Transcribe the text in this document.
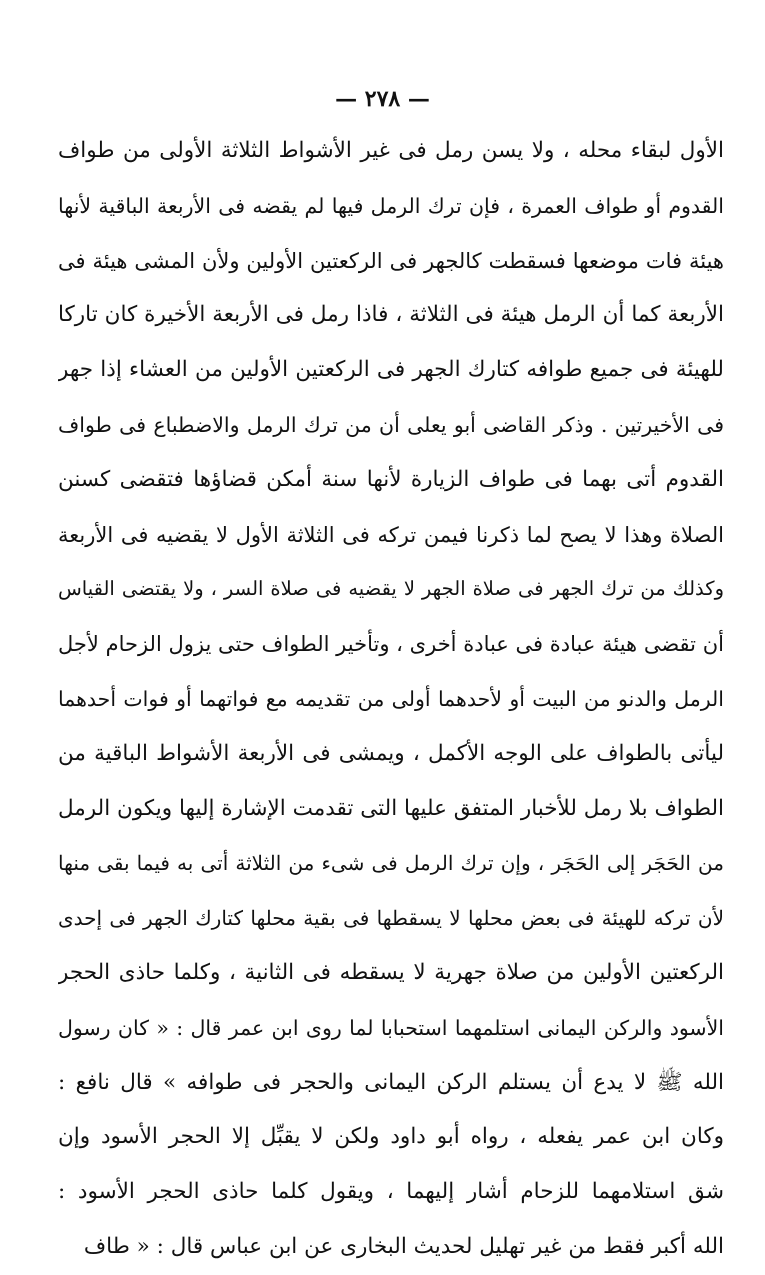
— ٢٧٨ —
الأول لبقاء محله ، ولا يسن رمل فى غير الأشواط الثلاثة الأولى من طواف
القدوم أو طواف العمرة ، فإن ترك الرمل فيها لم يقضه فى الأربعة الباقية لأنها
هيئة فات موضعها فسقطت كالجهر فى الركعتين الأولين ولأن المشى هيئة فى
الأربعة كما أن الرمل هيئة فى الثلاثة ، فاذا رمل فى الأربعة الأخيرة كان تاركا
للهيئة فى جميع طوافه كتارك الجهر فى الركعتين الأولين من العشاء إذا جهر
فى الأخيرتين . وذكر القاضى أبو يعلى أن من ترك الرمل والاضطباع فى طواف
القدوم أتى بهما فى طواف الزيارة لأنها سنة أمكن قضاؤها فتقضى كسنن
الصلاة وهذا لا يصح لما ذكرنا فيمن تركه فى الثلاثة الأول لا يقضيه فى الأربعة
وكذلك من ترك الجهر فى صلاة الجهر لا يقضيه فى صلاة السر ، ولا يقتضى القياس
أن تقضى هيئة عبادة فى عبادة أخرى ، وتأخير الطواف حتى يزول الزحام لأجل
الرمل والدنو من البيت أو لأحدهما أولى من تقديمه مع فواتهما أو فوات أحدهما
ليأتى بالطواف على الوجه الأكمل ، ويمشى فى الأربعة الأشواط الباقية من
الطواف بلا رمل للأخبار المتفق عليها التى تقدمت الإشارة إليها ويكون الرمل
من الحَجَر إلى الحَجَر ، وإن ترك الرمل فى شىء من الثلاثة أتى به فيما بقى منها
لأن تركه للهيئة فى بعض محلها لا يسقطها فى بقية محلها كتارك الجهر فى إحدى
الركعتين الأولين من صلاة جهرية لا يسقطه فى الثانية ، وكلما حاذى الحجر
الأسود والركن اليمانى استلمهما استحبابا لما روى ابن عمر قال : « كان رسول
الله ﷺ لا يدع أن يستلم الركن اليمانى والحجر فى طوافه » قال نافع :
وكان ابن عمر يفعله ، رواه أبو داود ولكن لا يقبِّل إلا الحجر الأسود وإن
شق استلامهما للزحام أشار إليهما ، ويقول كلما حاذى الحجر الأسود :
الله أكبر فقط من غير تهليل لحديث البخارى عن ابن عباس قال : « طاف
